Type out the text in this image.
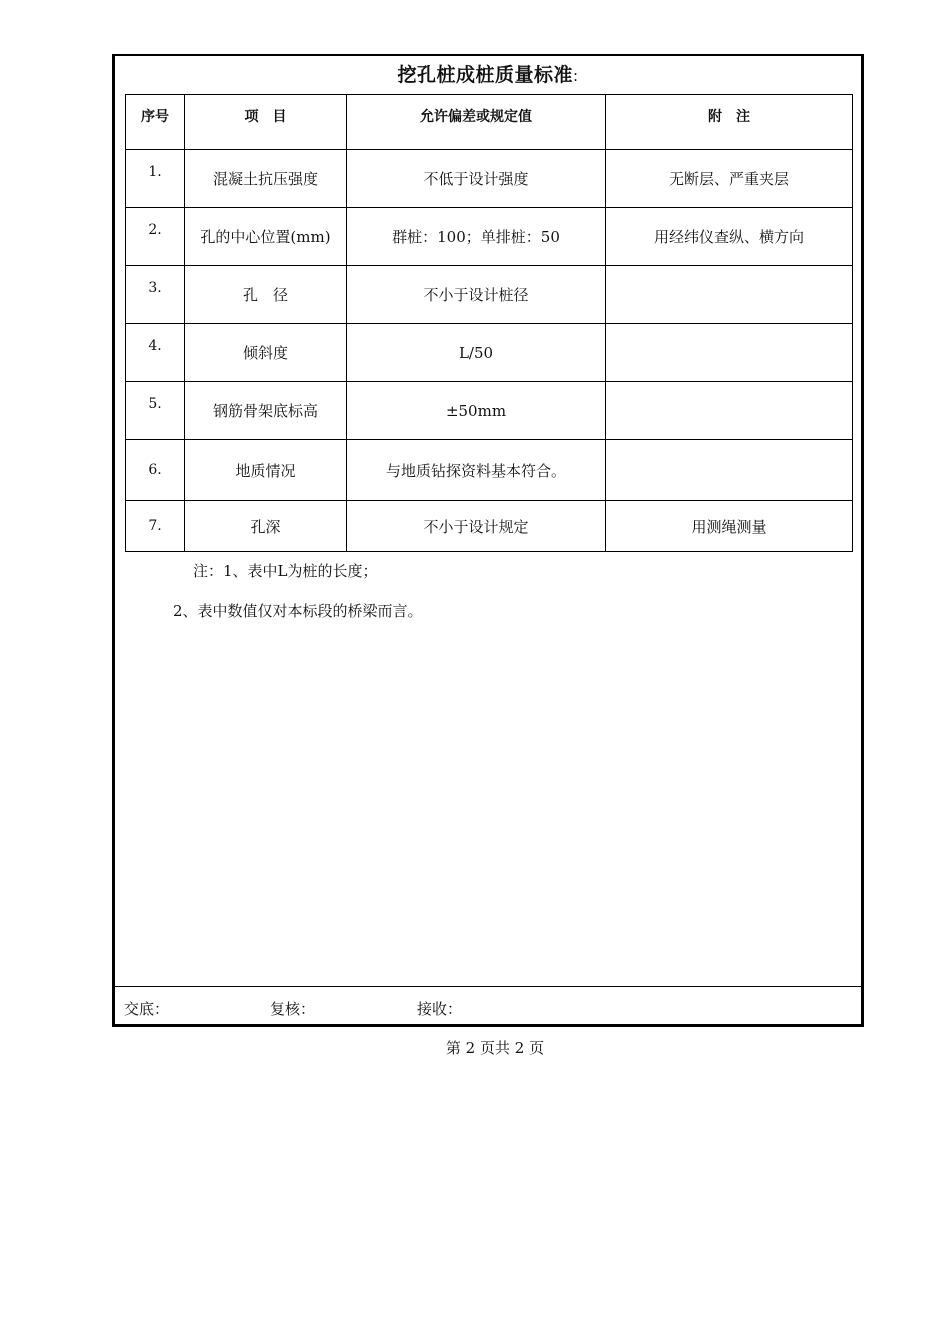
挖孔桩成桩质量标准:
序号	项　目	允许偏差或规定值	附　注
1.	混凝土抗压强度	不低于设计强度	无断层、严重夹层
2.	孔的中心位置(mm)	群桩：100；单排桩：50	用经纬仪查纵、横方向
3.	孔　径	不小于设计桩径	
4.	倾斜度	L/50	
5.	钢筋骨架底标高	±50mm	
6.	地质情况	与地质钻探资料基本符合。	
7.	孔深	不小于设计规定	用测绳测量
注：1、表中L为桩的长度；
2、表中数值仅对本标段的桥梁而言。
交底：	复核：	接收：
第 2 页共 2 页
